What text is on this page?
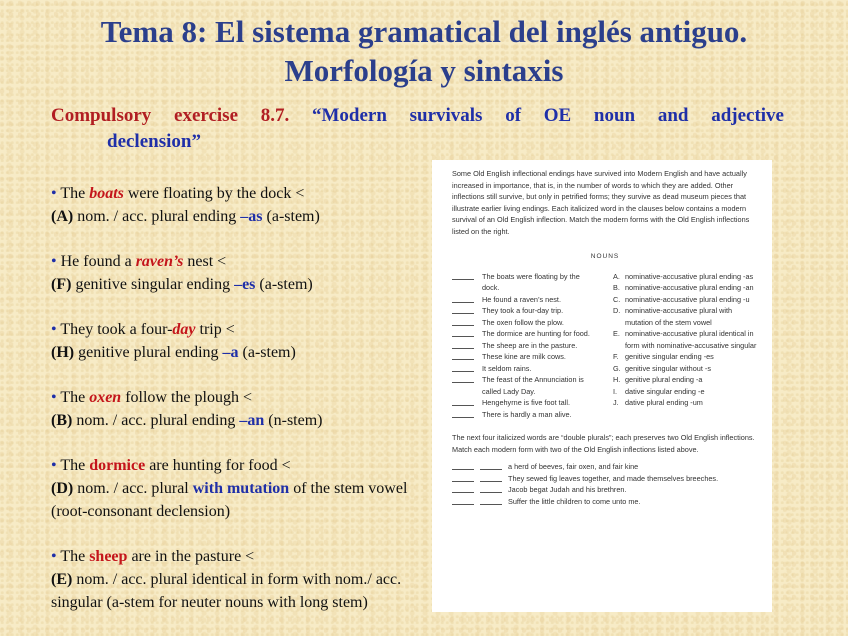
Tema 8: El sistema gramatical del inglés antiguo.
Morfología y sintaxis
Compulsory exercise 8.7. “Modern survivals of OE noun and adjective
declension”
• The boats were floating by the dock <
(A) nom. / acc. plural ending –as (a-stem)
• He found a raven’s nest <
(F) genitive singular ending –es (a-stem)
• They took a four-day trip <
(H) genitive plural ending –a (a-stem)
• The oxen follow the plough <
(B) nom. / acc. plural ending –an (n-stem)
• The dormice are hunting for food <
(D) nom. / acc. plural with mutation of the stem vowel (root-consonant declension)
• The sheep are in the pasture <
(E) nom. / acc. plural identical in form with nom./ acc. singular (a-stem for neuter nouns with long stem)

Some Old English inflectional endings have survived into Modern English and have actually increased in importance, that is, in the number of words to which they are added. Other inflections still survive, but only in petrified forms; they survive as dead museum pieces that illustrate earlier living endings. Each italicized word in the clauses below contains a modern survival of an Old English inflection. Match the modern forms with the Old English inflections listed on the right.

NOUNS
The boats were floating by the dock.
He found a raven’s nest.
They took a four-day trip.
The oxen follow the plow.
The dormice are hunting for food.
The sheep are in the pasture.
These kine are milk cows.
It seldom rains.
The feast of the Annunciation is called Lady Day.
Hengehyrne is five foot tall.
There is hardly a man alive.
A. nominative-accusative plural ending -as
B. nominative-accusative plural ending -an
C. nominative-accusative plural ending -u
D. nominative-accusative plural with mutation of the stem vowel
E. nominative-accusative plural identical in form with nominative-accusative singular
F. genitive singular ending -es
G. genitive singular without -s
H. genitive plural ending -a
I.	dative singular ending -e
J. dative plural ending -um

The next four italicized words are “double plurals”; each preserves two Old English inflections. Match each modern form with two of the Old English inflections listed above.

a herd of beeves, fair oxen, and fair kine
They sewed fig leaves together, and made themselves breeches.
Jacob begat Judah and his brethren.
Suffer the little children to come unto me.
